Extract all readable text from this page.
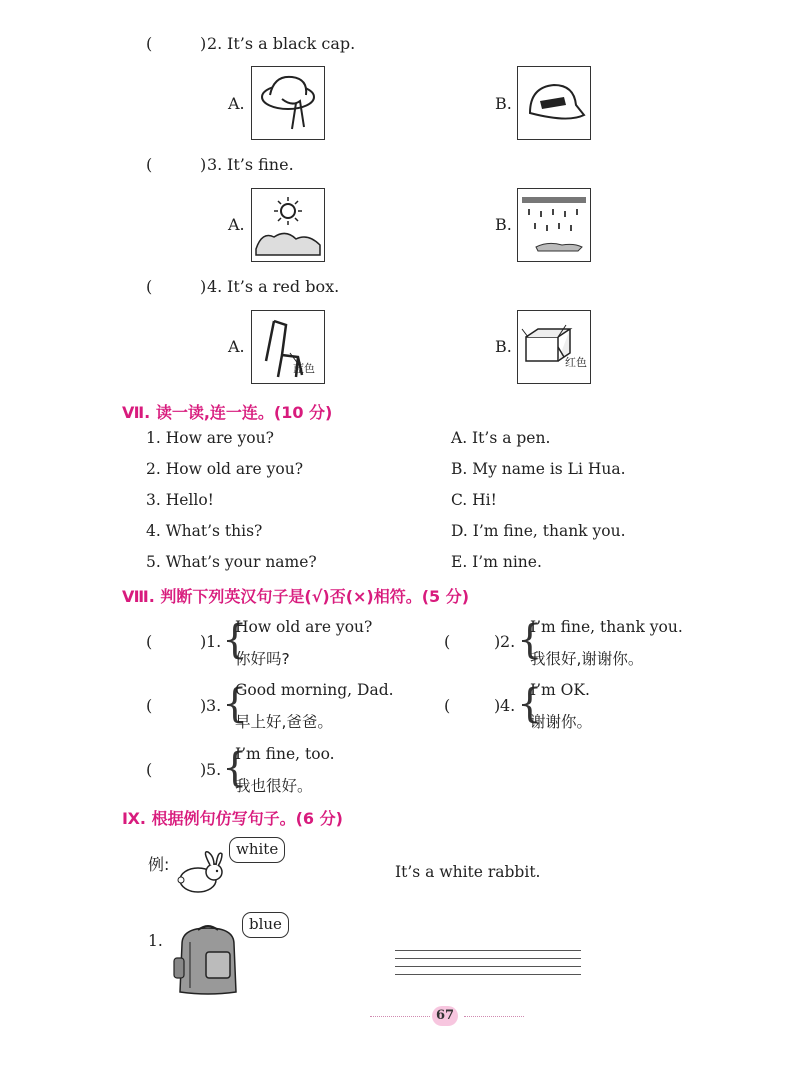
(	) 2. It’s a black cap.
A.	B.
(	) 3. It’s fine.
A.	B.
(	) 4. It’s a red box.
A.
蓝色
B.
红色
Ⅶ. 读一读,连一连。(10 分)
1. How are you?
2. How old are you?
3. Hello!
4. What’s this?
5. What’s your name?
A. It’s a pen.
B. My name is Li Hua.
C. Hi!
D. I’m fine, thank you.
E. I’m nine.
Ⅷ. 判断下列英汉句子是(√)否(×)相符。(5 分)
(	) 1. {
How old are you?
你好吗?
(	) 2. {
I’m fine, thank you.
我很好,谢谢你。
(	) 3. {
Good morning, Dad.
早上好,爸爸。
(	) 4. {
I’m OK.
谢谢你。
(	) 5. {
I’m fine, too.
我也很好。
Ⅸ. 根据例句仿写句子。(6 分)
例:
white
It’s a white rabbit.
1.
blue
67
